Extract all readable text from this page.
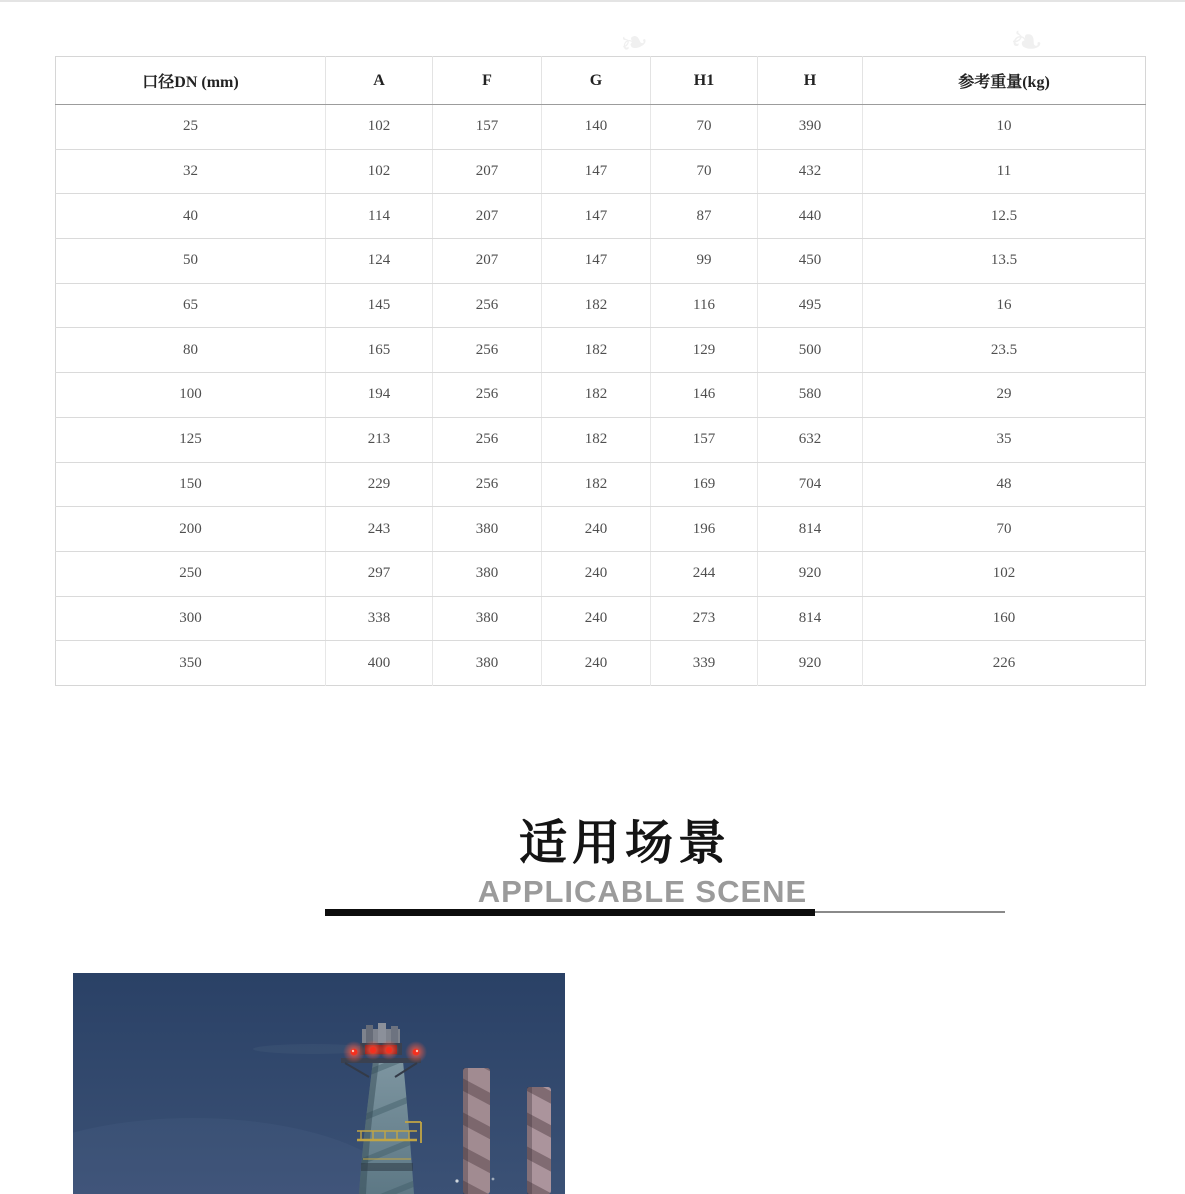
❧	❧
口径DN (mm)	A	F	G	H1	H	参考重量(kg)
25	102	157	140	70	390	10
32	102	207	147	70	432	11
40	114	207	147	87	440	12.5
50	124	207	147	99	450	13.5
65	145	256	182	116	495	16
80	165	256	182	129	500	23.5
100	194	256	182	146	580	29
125	213	256	182	157	632	35
150	229	256	182	169	704	48
200	243	380	240	196	814	70
250	297	380	240	244	920	102
300	338	380	240	273	814	160
350	400	380	240	339	920	226
适用场景
APPLICABLE SCENE
